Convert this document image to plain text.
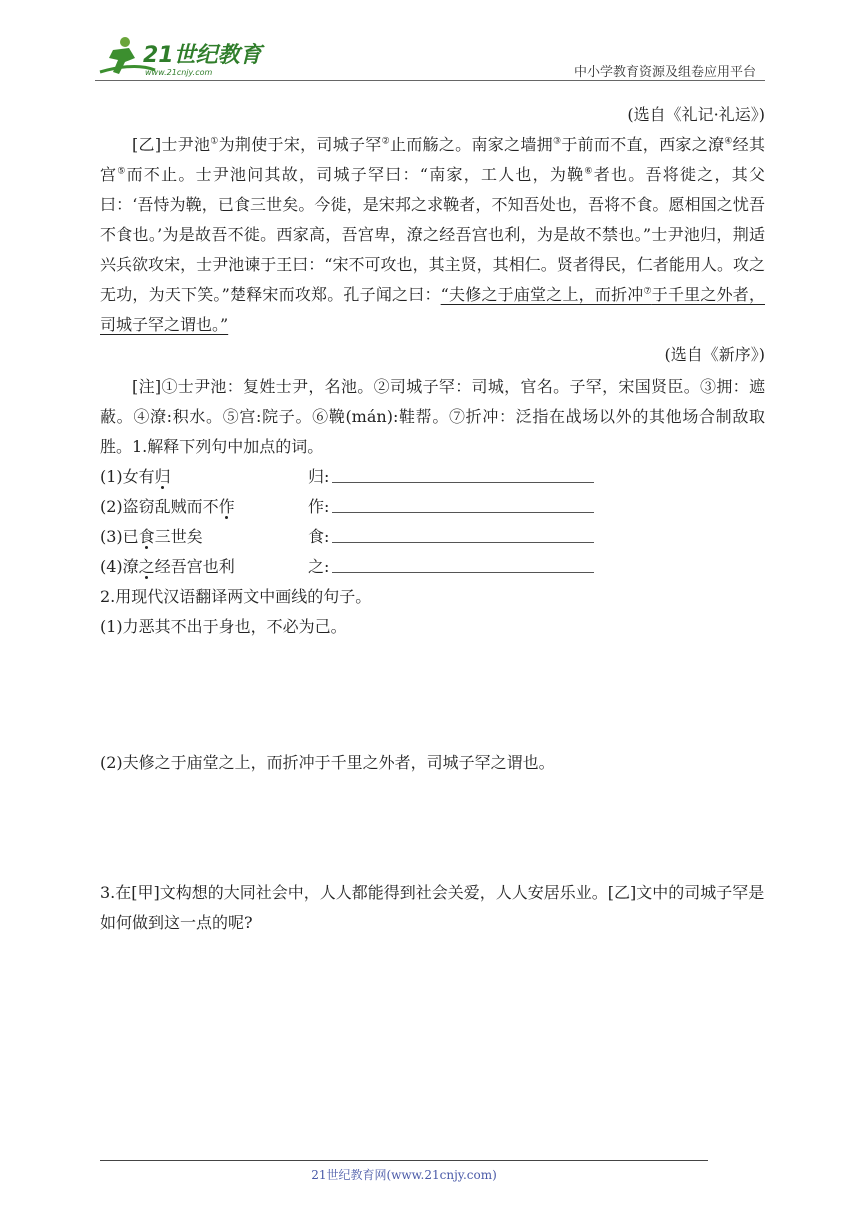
21世纪教育
www.21cnjy.com	中小学教育资源及组卷应用平台

(选自《礼记·礼运》)

[乙]士尹池①为荆使于宋，司城子罕②止而觞之。南家之墙拥③于前而不直，西家之潦④经其宫⑤而不止。士尹池问其故，司城子罕曰：“南家，工人也，为鞔⑥者也。吾将徙之，其父曰：‘吾恃为鞔，已食三世矣。今徙，是宋邦之求鞔者，不知吾处也，吾将不食。愿相国之忧吾不食也。’为是故吾不徙。西家高，吾宫卑，潦之经吾宫也利，为是故不禁也。”士尹池归，荆适兴兵欲攻宋，士尹池谏于王曰：“宋不可攻也，其主贤，其相仁。贤者得民，仁者能用人。攻之无功，为天下笑。”楚释宋而攻郑。孔子闻之曰：“夫修之于庙堂之上，而折冲⑦于千里之外者，司城子罕之谓也。”

(选自《新序》)

[注]①士尹池：复姓士尹，名池。②司城子罕：司城，官名。子罕，宋国贤臣。③拥：遮蔽。④潦:积水。⑤宫:院子。⑥鞔(mán):鞋帮。⑦折冲：泛指在战场以外的其他场合制敌取胜。1.解释下列句中加点的词。

(1)女有归	归:
(2)盗窃乱贼而不作	作:
(3)已食三世矣	食:
(4)潦之经吾宫也利	之:

2.用现代汉语翻译两文中画线的句子。

(1)力恶其不出于身也，不必为己。

(2)夫修之于庙堂之上，而折冲于千里之外者，司城子罕之谓也。

3.在[甲]文构想的大同社会中，人人都能得到社会关爱，人人安居乐业。[乙]文中的司城子罕是如何做到这一点的呢?

21世纪教育网(www.21cnjy.com)
